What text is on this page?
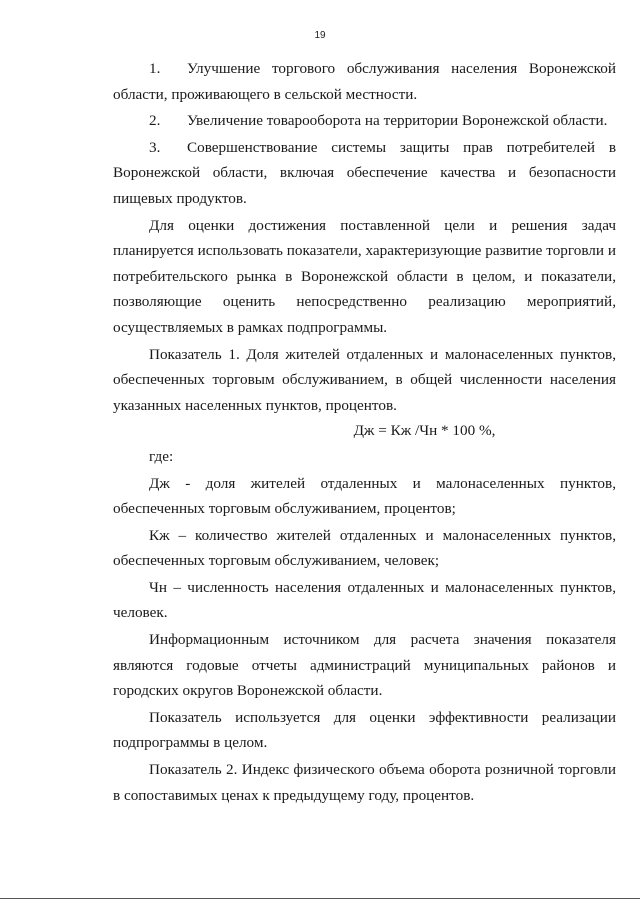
19

1. Улучшение торгового обслуживания населения Воронежской области, проживающего в сельской местности.

2. Увеличение товарооборота на территории Воронежской области.

3. Совершенствование системы защиты прав потребителей в Воронежской области, включая обеспечение качества и безопасности пищевых продуктов.

Для оценки достижения поставленной цели и решения задач планируется использовать показатели, характеризующие развитие торговли и потребительского рынка в Воронежской области в целом, и показатели, позволяющие оценить непосредственно реализацию мероприятий, осуществляемых в рамках подпрограммы.

Показатель 1. Доля жителей отдаленных и малонаселенных пунктов, обеспеченных торговым обслуживанием, в общей численности населения указанных населенных пунктов, процентов.

Дж = Кж /Чн * 100 %,

где:

Дж - доля жителей отдаленных и малонаселенных пунктов, обеспеченных торговым обслуживанием, процентов;

Кж – количество жителей отдаленных и малонаселенных пунктов, обеспеченных торговым обслуживанием, человек;

Чн – численность населения отдаленных и малонаселенных пунктов, человек.

Информационным источником для расчета значения показателя являются годовые отчеты администраций муниципальных районов и городских округов Воронежской области.

Показатель используется для оценки эффективности реализации подпрограммы в целом.

Показатель 2. Индекс физического объема оборота розничной торговли в сопоставимых ценах к предыдущему году, процентов.
